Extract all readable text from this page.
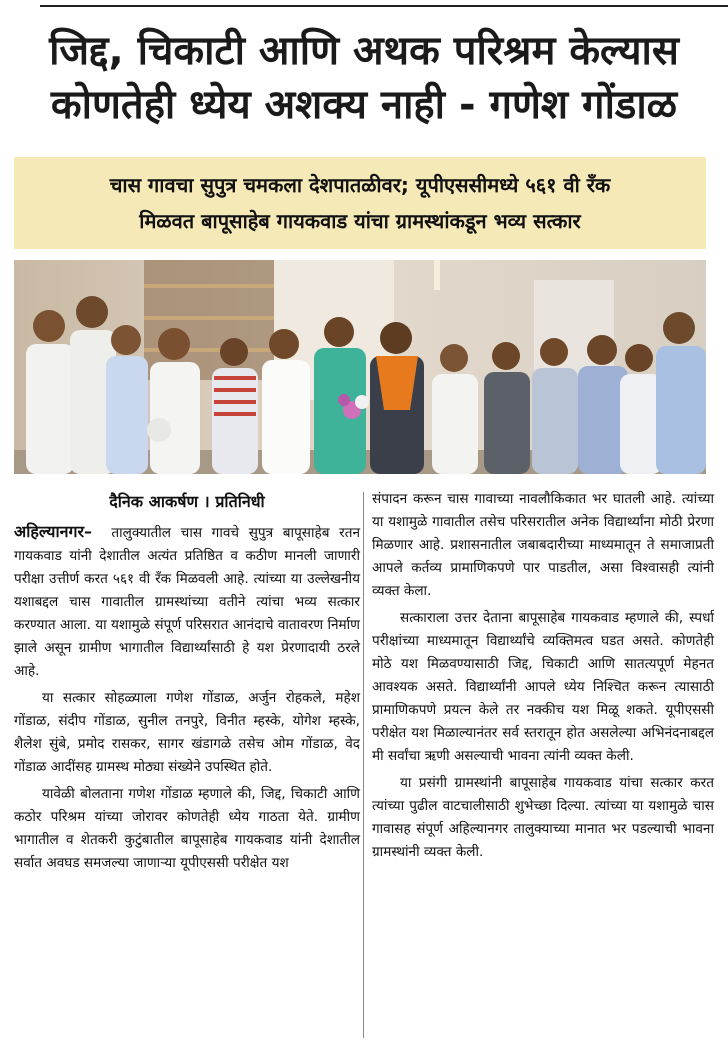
जिद्द, चिकाटी आणि अथक परिश्रम केल्यास
कोणतेही ध्येय अशक्य नाही - गणेश गोंडाळ
चास गावचा सुपुत्र चमकला देशपातळीवर; यूपीएससीमध्ये ५६१ वी रँक
मिळवत बापूसाहेब गायकवाड यांचा ग्रामस्थांकडून भव्य सत्कार
दैनिक आकर्षण । प्रतिनिधी

अहिल्यानगर– तालुक्यातील चास गावचे सुपुत्र बापूसाहेब रतन गायकवाड यांनी देशातील अत्यंत प्रतिष्ठित व कठीण मानली जाणारी परीक्षा उत्तीर्ण करत ५६१ वी रँक मिळवली आहे. त्यांच्या या उल्लेखनीय यशाबद्दल चास गावातील ग्रामस्थांच्या वतीने त्यांचा भव्य सत्कार करण्यात आला. या यशामुळे संपूर्ण परिसरात आनंदाचे वातावरण निर्माण झाले असून ग्रामीण भागातील विद्यार्थ्यांसाठी हे यश प्रेरणादायी ठरले आहे.

या सत्कार सोहळ्याला गणेश गोंडाळ, अर्जुन रोहकले, महेश गोंडाळ, संदीप गोंडाळ, सुनील तनपुरे, विनीत म्हस्के, योगेश म्हस्के, शैलेश सुंबे, प्रमोद रासकर, सागर खंडागळे तसेच ओम गोंडाळ, वेद गोंडाळ आदींसह ग्रामस्थ मोठ्या संख्येने उपस्थित होते.

यावेळी बोलताना गणेश गोंडाळ म्हणाले की, जिद्द, चिकाटी आणि कठोर परिश्रम यांच्या जोरावर कोणतेही ध्येय गाठता येते. ग्रामीण भागातील व शेतकरी कुटुंबातील बापूसाहेब गायकवाड यांनी देशातील सर्वात अवघड समजल्या जाणाऱ्या यूपीएससी परीक्षेत यश

संपादन करून चास गावाच्या नावलौकिकात भर घातली आहे. त्यांच्या या यशामुळे गावातील तसेच परिसरातील अनेक विद्यार्थ्यांना मोठी प्रेरणा मिळणार आहे. प्रशासनातील जबाबदारीच्या माध्यमातून ते समाजाप्रती आपले कर्तव्य प्रामाणिकपणे पार पाडतील, असा विश्वासही त्यांनी व्यक्त केला.

सत्काराला उत्तर देताना बापूसाहेब गायकवाड म्हणाले की, स्पर्धा परीक्षांच्या माध्यमातून विद्यार्थ्यांचे व्यक्तिमत्व घडत असते. कोणतेही मोठे यश मिळवण्यासाठी जिद्द, चिकाटी आणि सातत्यपूर्ण मेहनत आवश्यक असते. विद्यार्थ्यांनी आपले ध्येय निश्चित करून त्यासाठी प्रामाणिकपणे प्रयत्न केले तर नक्कीच यश मिळू शकते. यूपीएससी परीक्षेत यश मिळाल्यानंतर सर्व स्तरातून होत असलेल्या अभिनंदनाबद्दल मी सर्वांचा ऋणी असल्याची भावना त्यांनी व्यक्त केली.

या प्रसंगी ग्रामस्थांनी बापूसाहेब गायकवाड यांचा सत्कार करत त्यांच्या पुढील वाटचालीसाठी शुभेच्छा दिल्या. त्यांच्या या यशामुळे चास गावासह संपूर्ण अहिल्यानगर तालुक्याच्या मानात भर पडल्याची भावना ग्रामस्थांनी व्यक्त केली.
